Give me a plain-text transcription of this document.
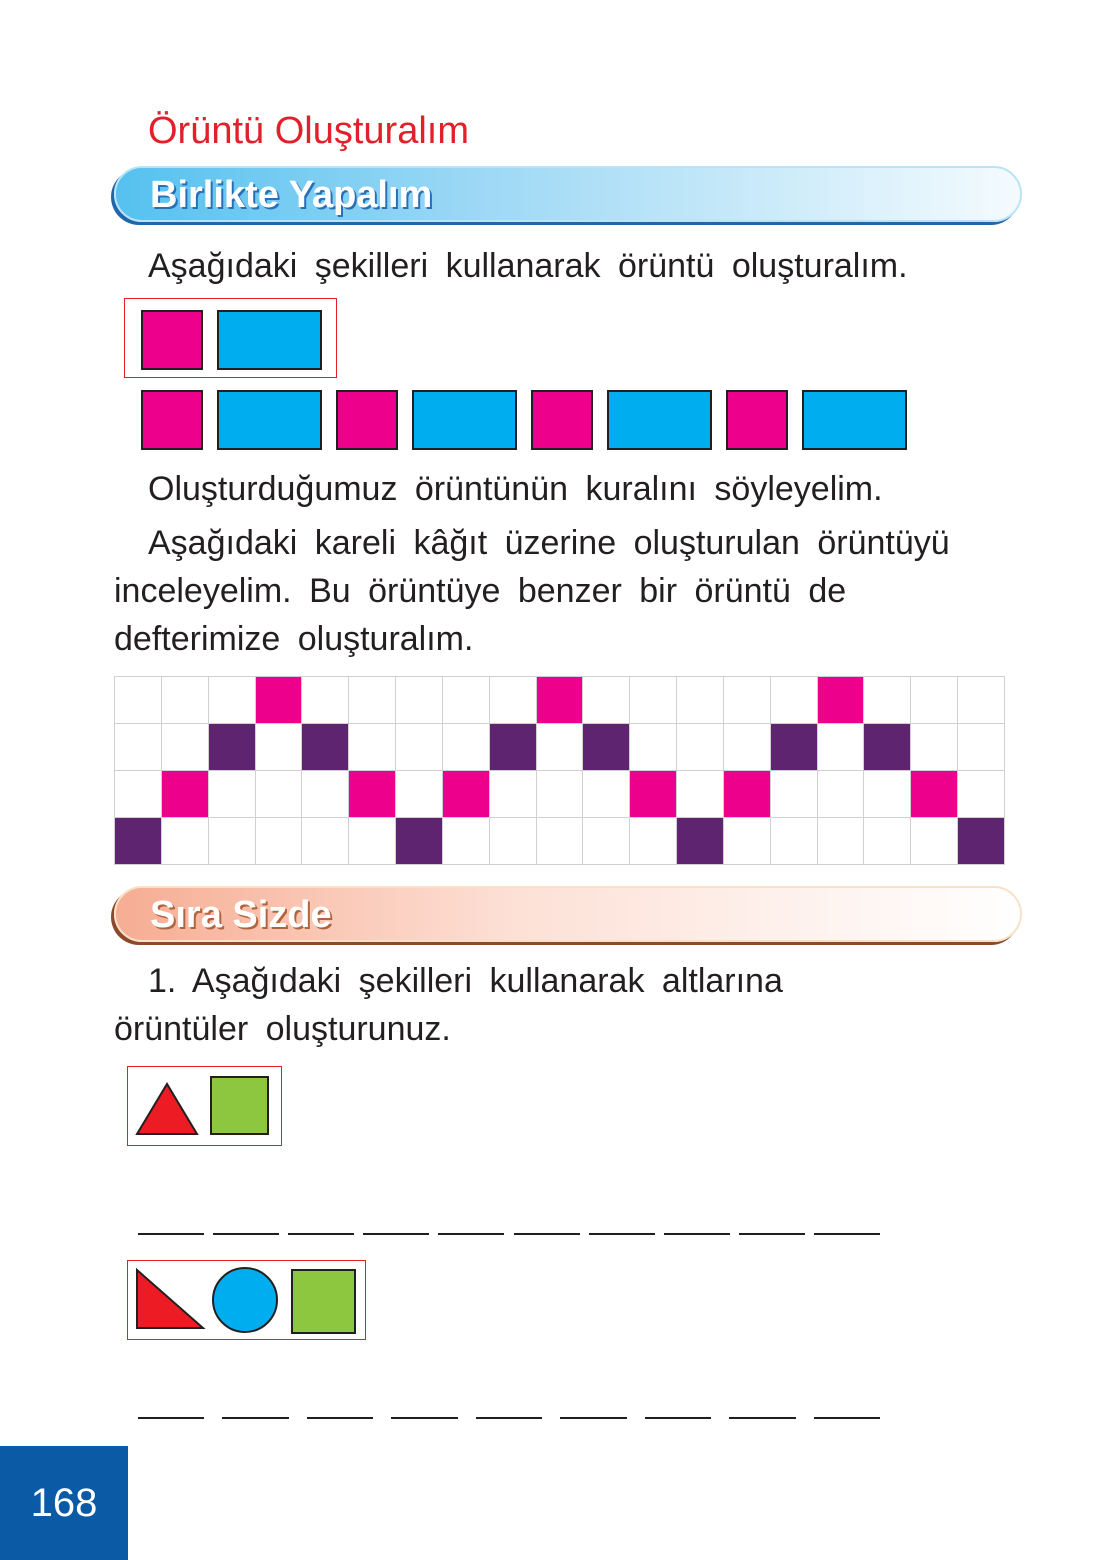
Örüntü Oluşturalım
Birlikte Yapalım
Aşağıdaki şekilleri kullanarak örüntü oluşturalım.
Oluşturduğumuz örüntünün kuralını söyleyelim.
Aşağıdaki kareli kâğıt üzerine oluşturulan örüntüyü
inceleyelim. Bu örüntüye benzer bir örüntü de
defterimize oluşturalım.
Sıra Sizde
1. Aşağıdaki şekilleri kullanarak altlarına
örüntüler oluşturunuz.
168
